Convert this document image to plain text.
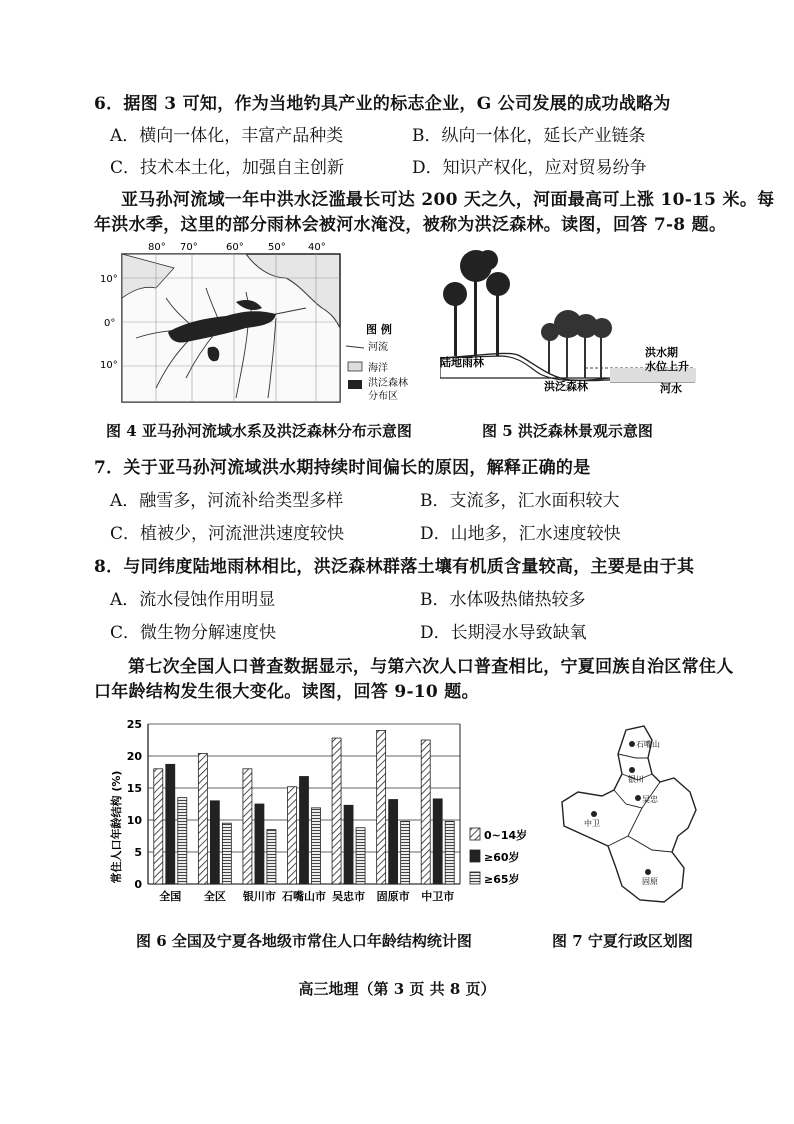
6．据图 3 可知，作为当地钓具产业的标志企业，G 公司发展的成功战略为
A．横向一体化，丰富产品种类	B．纵向一体化，延长产业链条
C．技术本土化，加强自主创新	D．知识产权化，应对贸易纷争
亚马孙河流域一年中洪水泛滥最长可达 200 天之久，河面最高可上涨 10-15 米。每
年洪水季，这里的部分雨林会被河水淹没，被称为洪泛森林。读图，回答 7-8 题。
80° 70°	60° 50° 40°
10°
0°
10°
图 例
河流
海洋
洪泛森林
分布区
陆地雨林
洪泛森林
洪水期
水位上升
河水
图 4 亚马孙河流域水系及洪泛森林分布示意图	图 5 洪泛森林景观示意图
7．关于亚马孙河流域洪水期持续时间偏长的原因，解释正确的是
A．融雪多，河流补给类型多样	B．支流多，汇水面积较大
C．植被少，河流泄洪速度较快	D．山地多，汇水速度较快
8．与同纬度陆地雨林相比，洪泛森林群落土壤有机质含量较高，主要是由于其
A．流水侵蚀作用明显	B．水体吸热储热较多
C．微生物分解速度快	D．长期浸水导致缺氧
第七次全国人口普查数据显示，与第六次人口普查相比，宁夏回族自治区常住人
口年龄结构发生很大变化。读图，回答 9-10 题。
常住人口年龄结构 (%)
0
5
10
15
20
25
全国 全区 银川市 石嘴山市 吴忠市 固原市 中卫市
0~14岁
≥60岁
≥65岁
石嘴山
银川
吴忠
中卫
固原
图 6 全国及宁夏各地级市常住人口年龄结构统计图	图 7 宁夏行政区划图
高三地理（第 3 页 共 8 页）
